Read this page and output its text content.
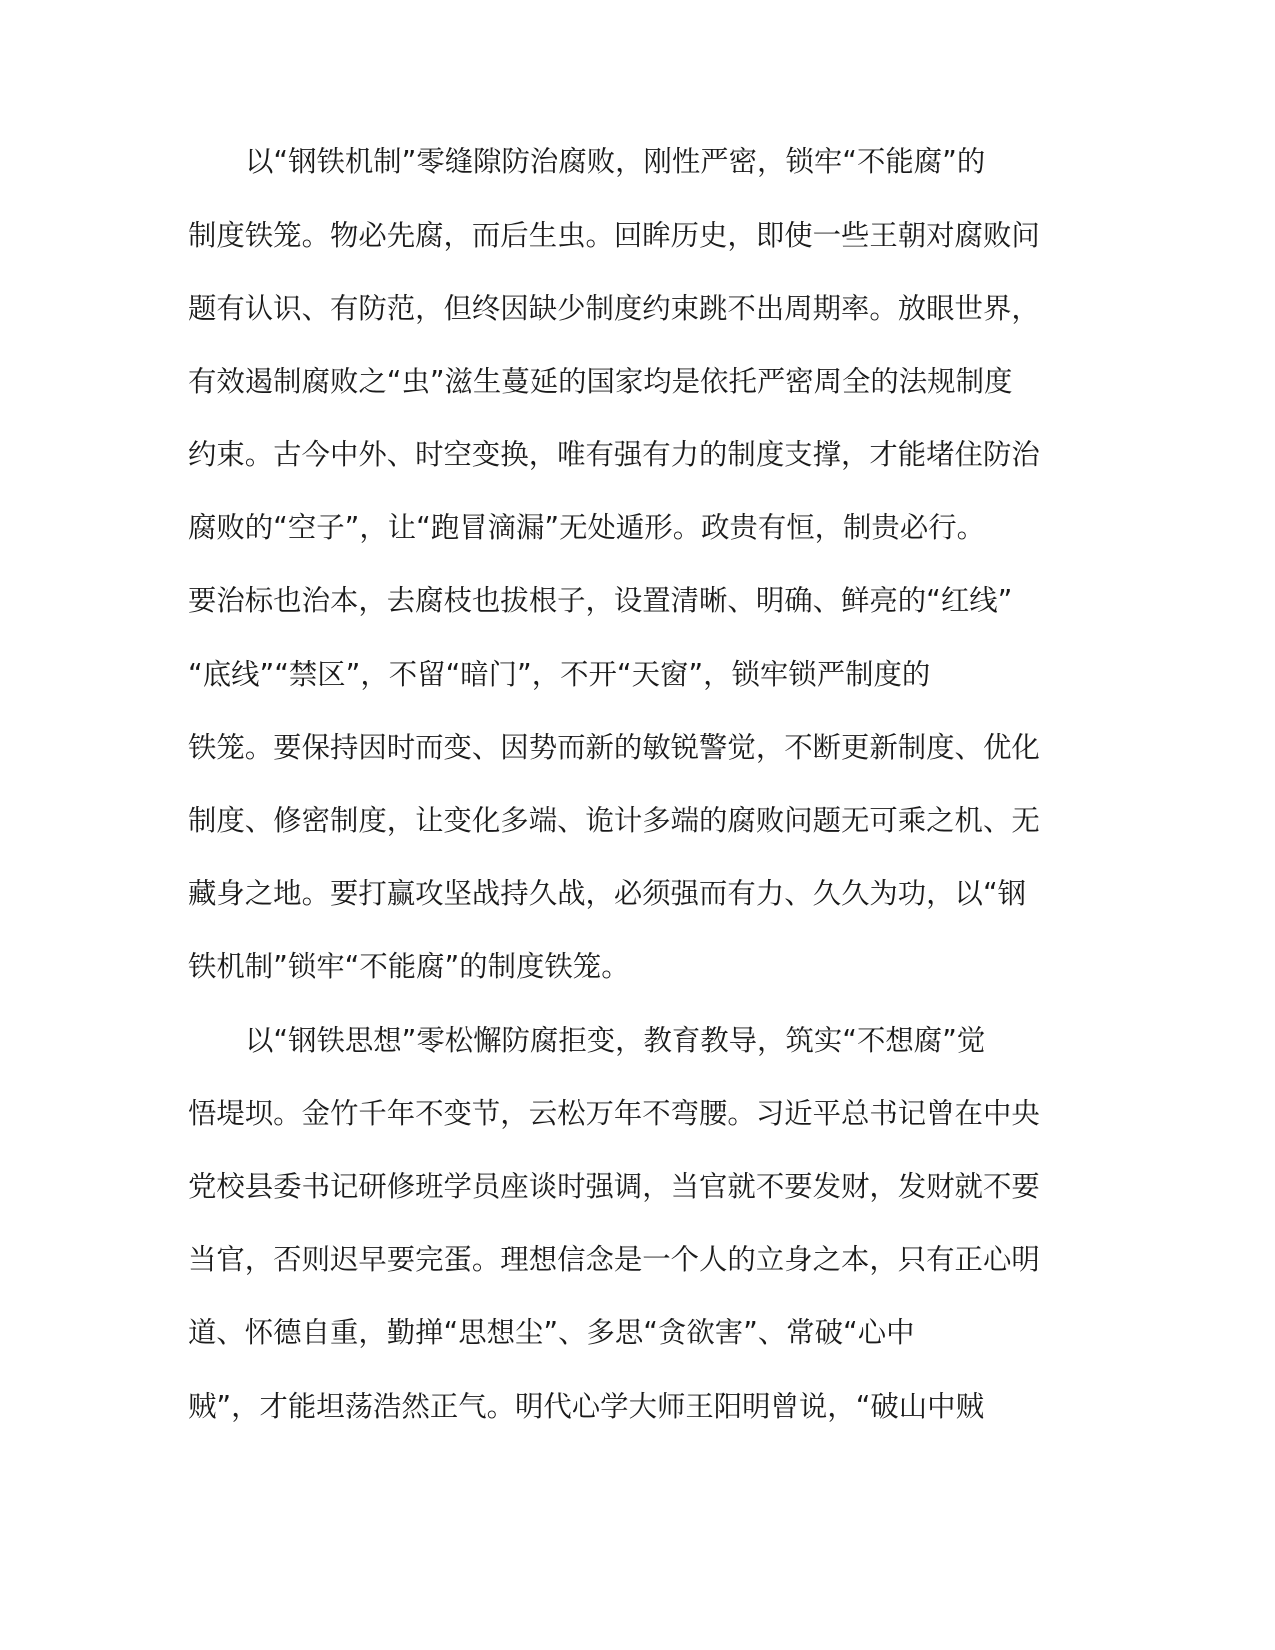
以“钢铁机制”零缝隙防治腐败，刚性严密，锁牢“不能腐”的
制度铁笼。物必先腐，而后生虫。回眸历史，即使一些王朝对腐败问
题有认识、有防范，但终因缺少制度约束跳不出周期率。放眼世界，
有效遏制腐败之“虫”滋生蔓延的国家均是依托严密周全的法规制度
约束。古今中外、时空变换，唯有强有力的制度支撑，才能堵住防治
腐败的“空子”，让“跑冒滴漏”无处遁形。政贵有恒，制贵必行。
要治标也治本，去腐枝也拔根子，设置清晰、明确、鲜亮的“红线”
“底线”“禁区”，不留“暗门”，不开“天窗”，锁牢锁严制度的
铁笼。要保持因时而变、因势而新的敏锐警觉，不断更新制度、优化
制度、修密制度，让变化多端、诡计多端的腐败问题无可乘之机、无
藏身之地。要打赢攻坚战持久战，必须强而有力、久久为功，以“钢
铁机制”锁牢“不能腐”的制度铁笼。
以“钢铁思想”零松懈防腐拒变，教育教导，筑实“不想腐”觉
悟堤坝。金竹千年不变节，云松万年不弯腰。习近平总书记曾在中央
党校县委书记研修班学员座谈时强调，当官就不要发财，发财就不要
当官，否则迟早要完蛋。理想信念是一个人的立身之本，只有正心明
道、怀德自重，勤掸“思想尘”、多思“贪欲害”、常破“心中
贼”，才能坦荡浩然正气。明代心学大师王阳明曾说，“破山中贼
